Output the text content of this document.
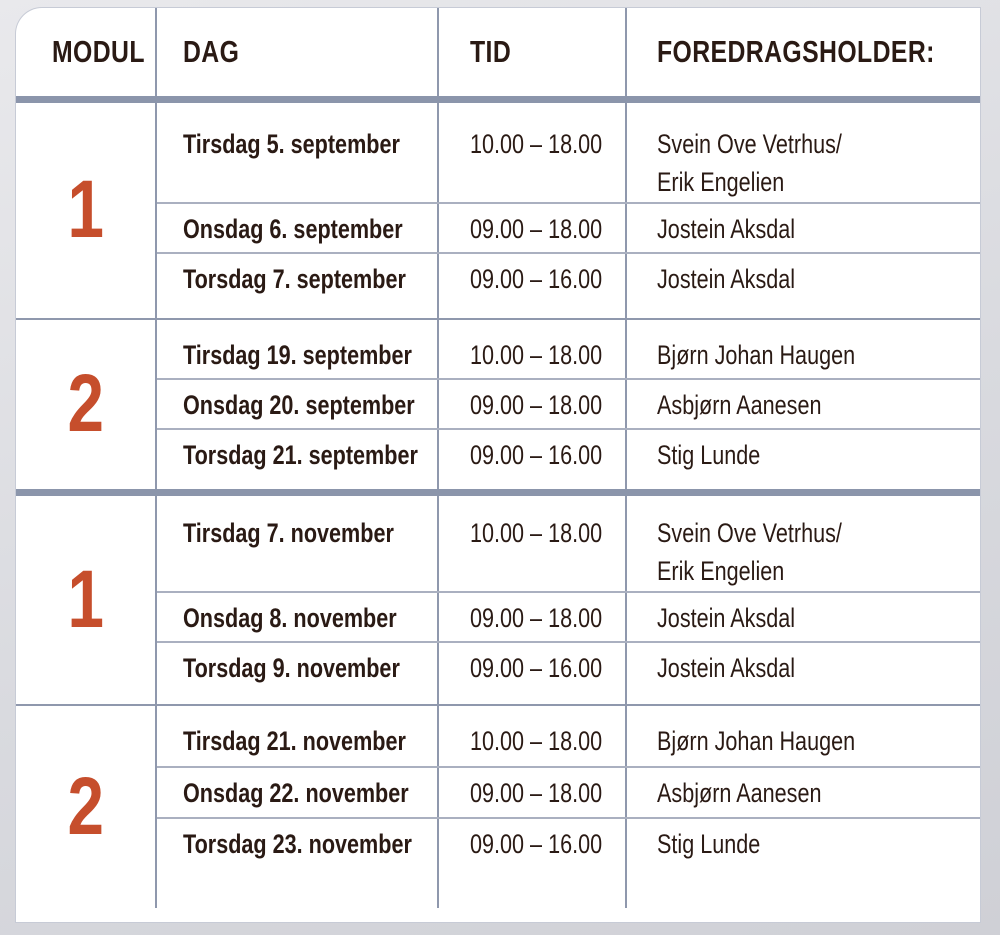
MODUL	DAG	TID	FOREDRAGSHOLDER:
1	Tirsdag 5. september	10.00 – 18.00	Svein Ove Vetrhus/
Erik Engelien
	Onsdag 6. september	09.00 – 18.00	Jostein Aksdal
	Torsdag 7. september	09.00 – 16.00	Jostein Aksdal
2	Tirsdag 19. september	10.00 – 18.00	Bjørn Johan Haugen
	Onsdag 20. september	09.00 – 18.00	Asbjørn Aanesen
	Torsdag 21. september	09.00 – 16.00	Stig Lunde
1	Tirsdag 7. november	10.00 – 18.00	Svein Ove Vetrhus/
Erik Engelien
	Onsdag 8. november	09.00 – 18.00	Jostein Aksdal
	Torsdag 9. november	09.00 – 16.00	Jostein Aksdal
2	Tirsdag 21. november	10.00 – 18.00	Bjørn Johan Haugen
	Onsdag 22. november	09.00 – 18.00	Asbjørn Aanesen
	Torsdag 23. november	09.00 – 16.00	Stig Lunde
